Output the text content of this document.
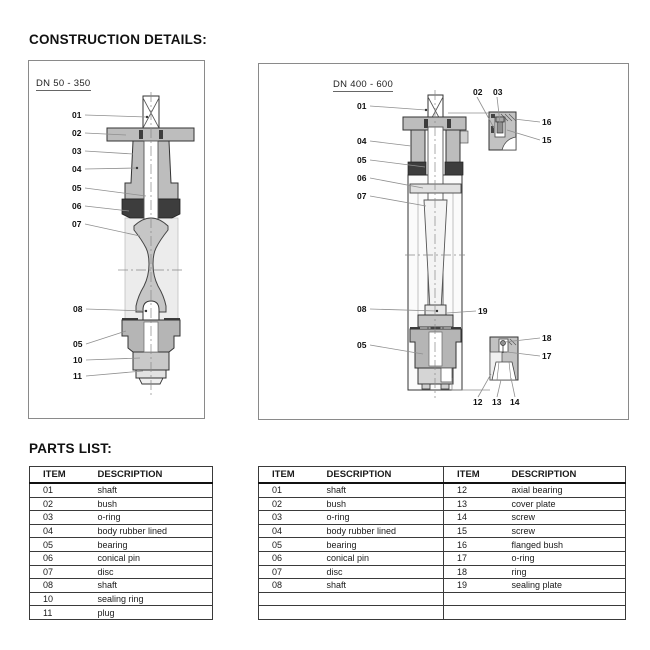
CONSTRUCTION DETAILS:
DN 50 - 350	DN 400 - 600
01
02
03
04
05
06
07
08
05
10
11
01
04
05
06
07
08	19
05
02 03
16
15
18
17
12 13 14
PARTS LIST:
ITEM	DESCRIPTION
01	shaft
02	bush
03	o-ring
04	body rubber lined
05	bearing
06	conical pin
07	disc
08	shaft
10	sealing ring
11	plug
ITEM	DESCRIPTION	ITEM	DESCRIPTION
01	shaft	12	axial bearing
02	bush	13	cover plate
03	o-ring	14	screw
04	body rubber lined	15	screw
05	bearing	16	flanged bush
06	conical pin	17	o-ring
07	disc	18	ring
08	shaft	19	sealing plate
